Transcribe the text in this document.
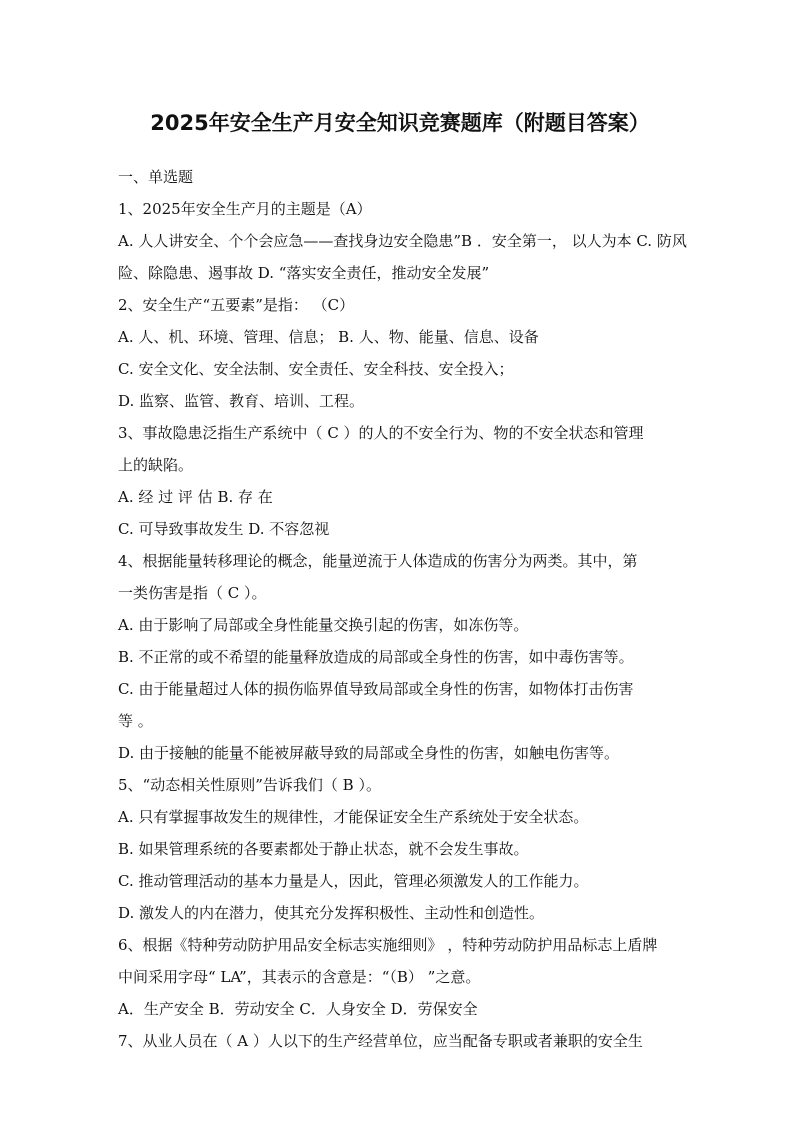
2025年安全生产月安全知识竞赛题库（附题目答案）
一、单选题
1、2025年安全生产月的主题是（A）
A. 人人讲安全、个个会应急——查找身边安全隐患”B ．安全第一， 以人为本 C. 防风
险、除隐患、遏事故 D. “落实安全责任，推动安全发展”
2、安全生产“五要素”是指： （C）
A. 人、机、环境、管理、信息； B. 人、物、能量、信息、设备
C. 安全文化、安全法制、安全责任、安全科技、安全投入；
D. 监察、监管、教育、培训、工程。
3、事故隐患泛指生产系统中（ C ）的人的不安全行为、物的不安全状态和管理
上的缺陷。
A. 经 过 评 估 B. 存 在
C. 可导致事故发生 D. 不容忽视
4、根据能量转移理论的概念，能量逆流于人体造成的伤害分为两类。其中，第
一类伤害是指（ C ）。
A. 由于影响了局部或全身性能量交换引起的伤害，如冻伤等。
B. 不正常的或不希望的能量释放造成的局部或全身性的伤害，如中毒伤害等。
C. 由于能量超过人体的损伤临界值导致局部或全身性的伤害，如物体打击伤害
等 。
D. 由于接触的能量不能被屏蔽导致的局部或全身性的伤害，如触电伤害等。
5、“动态相关性原则”告诉我们（ B ）。
A. 只有掌握事故发生的规律性，才能保证安全生产系统处于安全状态。
B. 如果管理系统的各要素都处于静止状态，就不会发生事故。
C. 推动管理活动的基本力量是人，因此，管理必须激发人的工作能力。
D. 激发人的内在潜力，使其充分发挥积极性、主动性和创造性。
6、根据《特种劳动防护用品安全标志实施细则》 ，特种劳动防护用品标志上盾牌
中间采用字母“ LA”，其表示的含意是：“（B） ”之意。
A．生产安全 B．劳动安全 C．人身安全 D．劳保安全
7、从业人员在（ A ）人以下的生产经营单位，应当配备专职或者兼职的安全生
